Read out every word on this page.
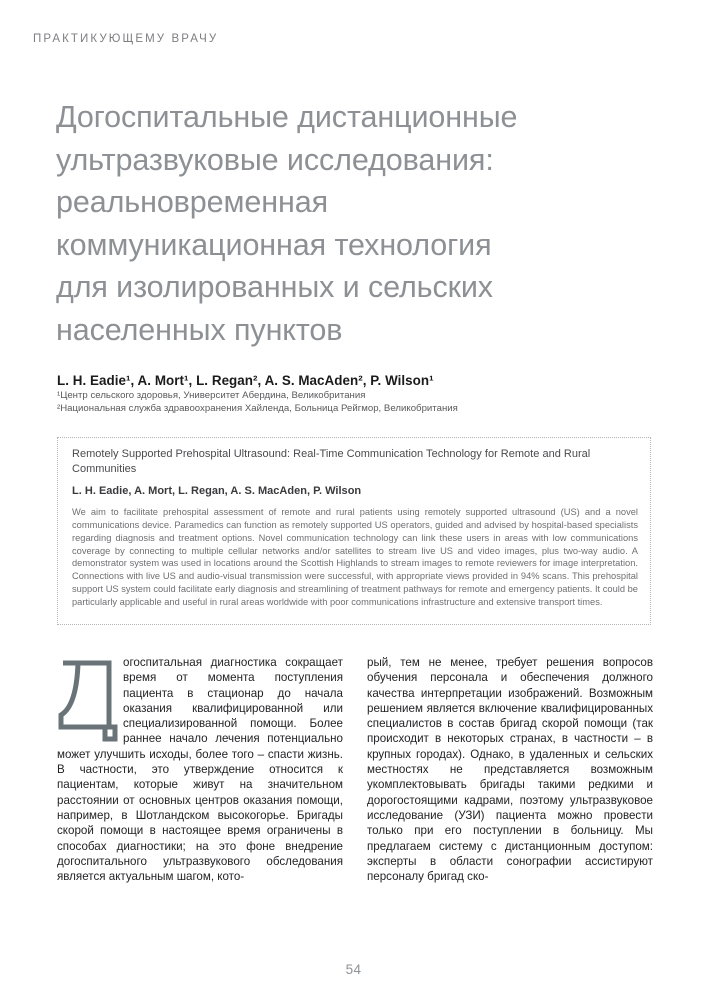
ПРАКТИКУЮЩЕМУ ВРАЧУ
Догоспитальные дистанционные
ультразвуковые исследования:
реальновременная
коммуникационная технология
для изолированных и сельских
населенных пунктов
L. H. Eadie¹, A. Mort¹, L. Regan², A. S. MacAden², P. Wilson¹
¹Центр сельского здоровья, Университет Абердина, Великобритания
²Национальная служба здравоохранения Хайленда, Больница Рейгмор, Великобритания
Remotely Supported Prehospital Ultrasound: Real-Time Communication Technology for Remote and Rural Communities
L. H. Eadie, A. Mort, L. Regan, A. S. MacAden, P. Wilson
We aim to facilitate prehospital assessment of remote and rural patients using remotely supported ultrasound (US) and a novel communications device. Paramedics can function as remotely supported US operators, guided and advised by hospital-based specialists regarding diagnosis and treatment options. Novel communication technology can link these users in areas with low communications coverage by connecting to multiple cellular networks and/or satellites to stream live US and video images, plus two-way audio. A demonstrator system was used in locations around the Scottish Highlands to stream images to remote reviewers for image interpretation. Connections with live US and audio-visual transmission were successful, with appropriate views provided in 94% scans. This prehospital support US system could facilitate early diagnosis and streamlining of treatment pathways for remote and emergency patients. It could be particularly applicable and useful in rural areas worldwide with poor communications infrastructure and extensive transport times.

огоспитальная диагностика сокращает время от момента поступления пациента в стационар до начала оказания квалифицированной или специализированной помощи. Более раннее начало лечения потенциально может улучшить исходы, более того – спасти жизнь. В частности, это утверждение относится к пациентам, которые живут на значительном расстоянии от основных центров оказания помощи, например, в Шотландском высокогорье. Бригады скорой помощи в настоящее время ограничены в способах диагностики; на это фоне внедрение догоспитального ультразвукового обследования является актуальным шагом, кото-

рый, тем не менее, требует решения вопросов обучения персонала и обеспечения должного качества интерпретации изображений. Возможным решением является включение квалифицированных специалистов в состав бригад скорой помощи (так происходит в некоторых странах, в частности – в крупных городах). Однако, в удаленных и сельских местностях не представляется возможным укомплектовывать бригады такими редкими и дорогостоящими кадрами, поэтому ультразвуковое исследование (УЗИ) пациента можно провести только при его поступлении в больницу. Мы предлагаем систему с дистанционным доступом: эксперты в области сонографии ассистируют персоналу бригад ско-

54
